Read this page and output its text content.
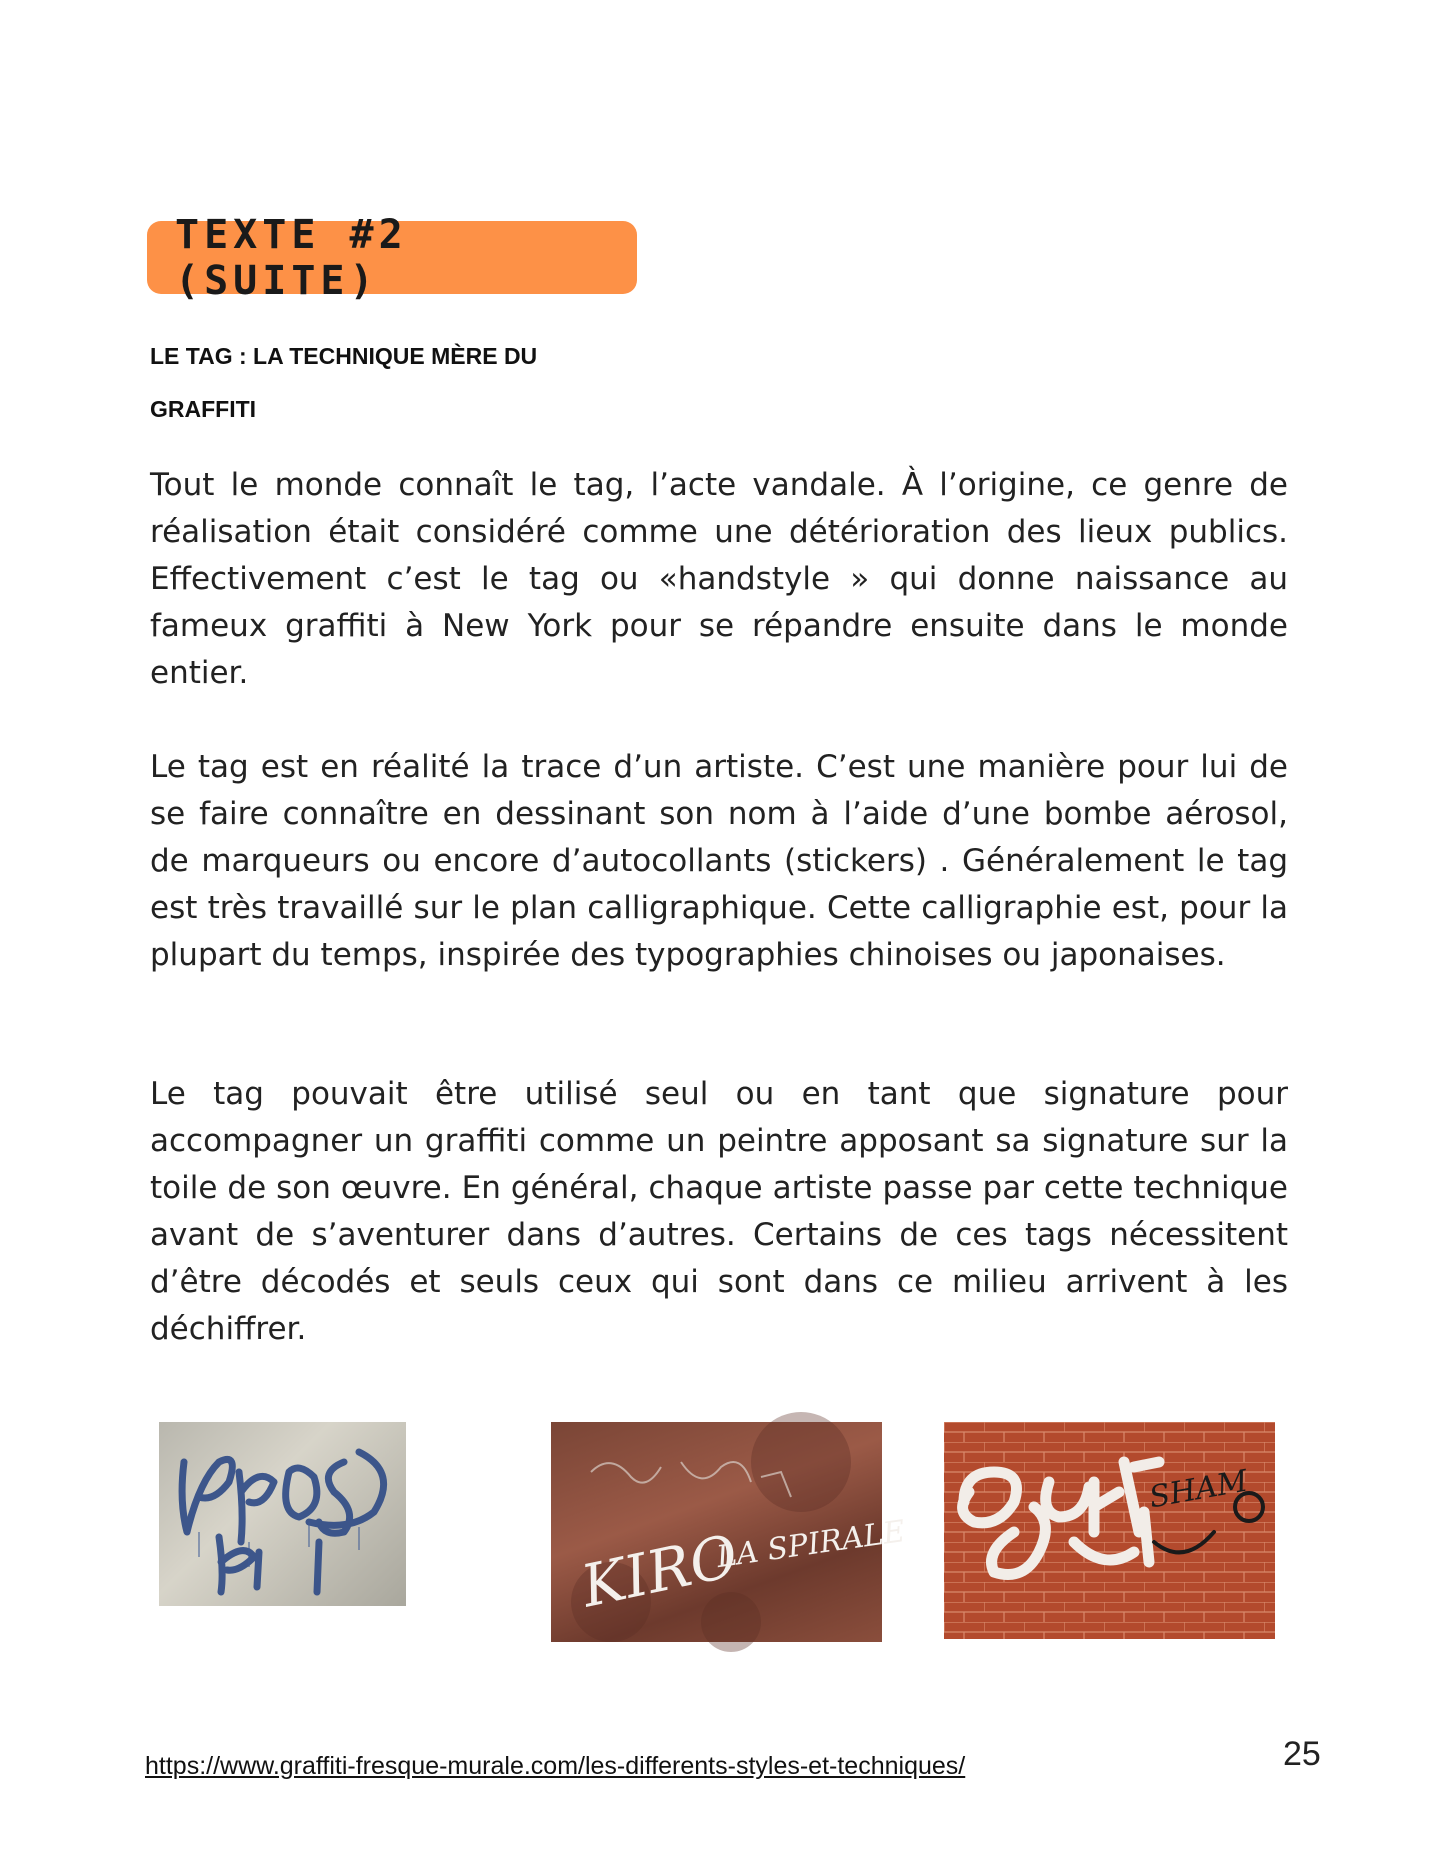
TEXTE #2 (SUITE)
LE TAG : LA TECHNIQUE MÈRE DU
GRAFFITI

Tout le monde connaît le tag, l’acte vandale. À l’origine, ce genre de réalisation était considéré comme une détérioration des lieux publics. Effectivement c’est le tag ou «handstyle » qui donne naissance au fameux graffiti à New York pour se répandre ensuite dans le monde entier.

Le tag est en réalité la trace d’un artiste. C’est une manière pour lui de se faire connaître en dessinant son nom à l’aide d’une bombe aérosol, de marqueurs ou encore d’autocollants (stickers) . Généralement le tag est très travaillé sur le plan calligraphique. Cette calligraphie est, pour la plupart du temps, inspirée des typographies chinoises ou japonaises.

Le tag pouvait être utilisé seul ou en tant que signature pour accompagner un graffiti comme un peintre apposant sa signature sur la toile de son œuvre. En général, chaque artiste passe par cette technique avant de s’aventurer dans d’autres. Certains de ces tags nécessitent d’être décodés et seuls ceux qui sont dans ce milieu arrivent à les déchiffrer.

KIRO
LA SPIRALE
SHAM
https://www.graffiti-fresque-murale.com/les-differents-styles-et-techniques/	25
